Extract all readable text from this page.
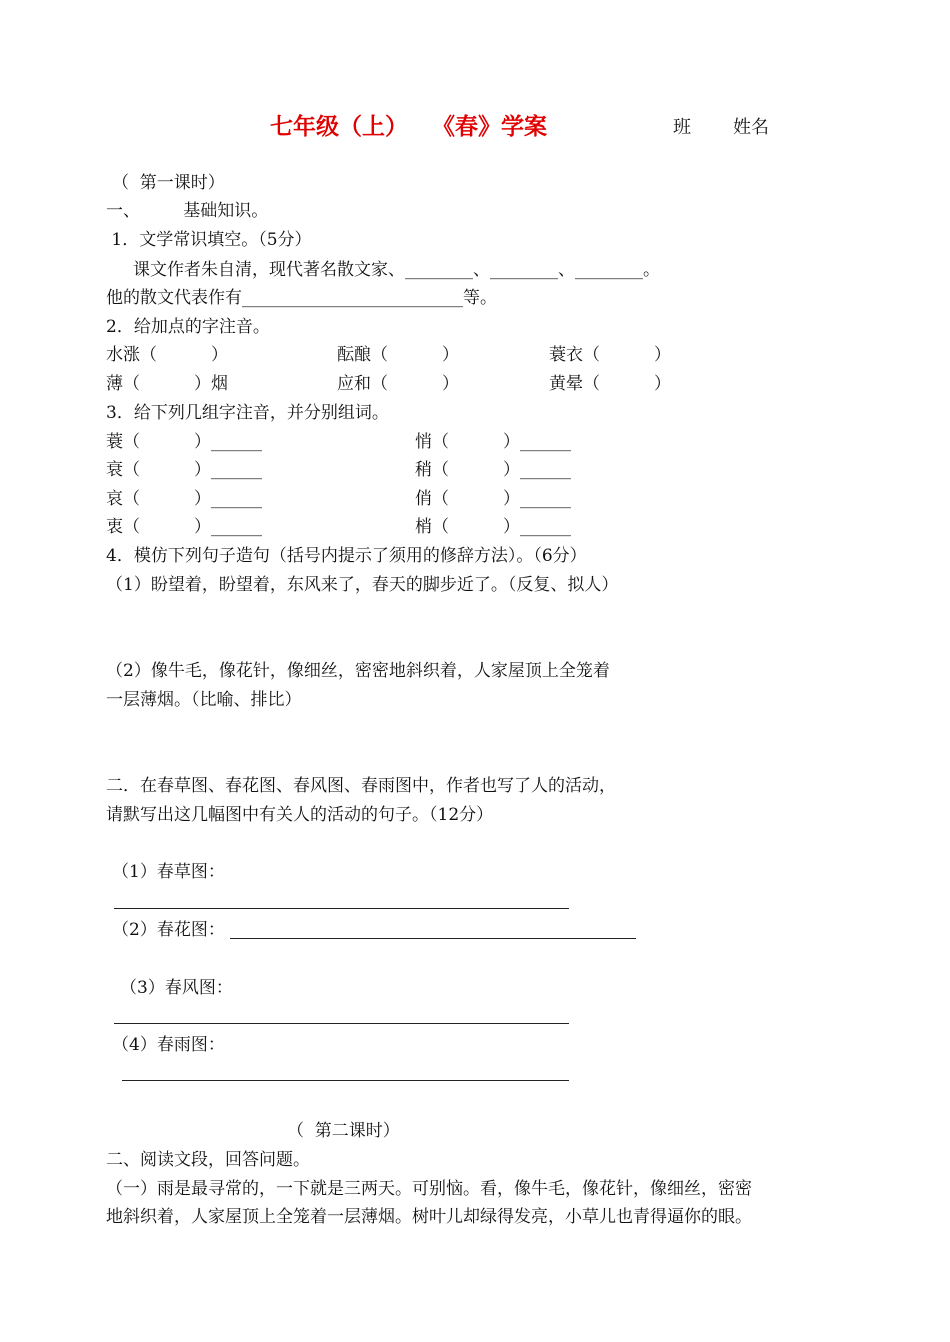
七年级（上）   《春》学案	班 姓名
（  第一课时）
一、        基础知识。
1．文学常识填空。（5分）
课文作者朱自清，现代著名散文家、________、________、________。
他的散文代表作有__________________________等。
2．给加点的字注音。
水涨（          ）	酝酿（          ）	蓑衣（          ）
薄（          ）烟	应和（          ）	黄晕（          ）
3．给下列几组字注音，并分别组词。
蓑（          ）______	悄（          ）______
衰（          ）______	稍（          ）______
哀（          ）______	俏（          ）______
衷（          ）______	梢（          ）______
4．模仿下列句子造句（括号内提示了须用的修辞方法）。（6分）
（1）盼望着，盼望着，东风来了，春天的脚步近了。（反复、拟人）
（2）像牛毛，像花针，像细丝，密密地斜织着，人家屋顶上全笼着
一层薄烟。（比喻、排比）
二．在春草图、春花图、春风图、春雨图中，作者也写了人的活动，
请默写出这几幅图中有关人的活动的句子。（12分）
（1）春草图：
（2）春花图：
（3）春风图：
（4）春雨图：
（  第二课时）
二、阅读文段，回答问题。
（一）雨是最寻常的，一下就是三两天。可别恼。看，像牛毛，像花针，像细丝，密密
地斜织着，人家屋顶上全笼着一层薄烟。树叶儿却绿得发亮，小草儿也青得逼你的眼。
